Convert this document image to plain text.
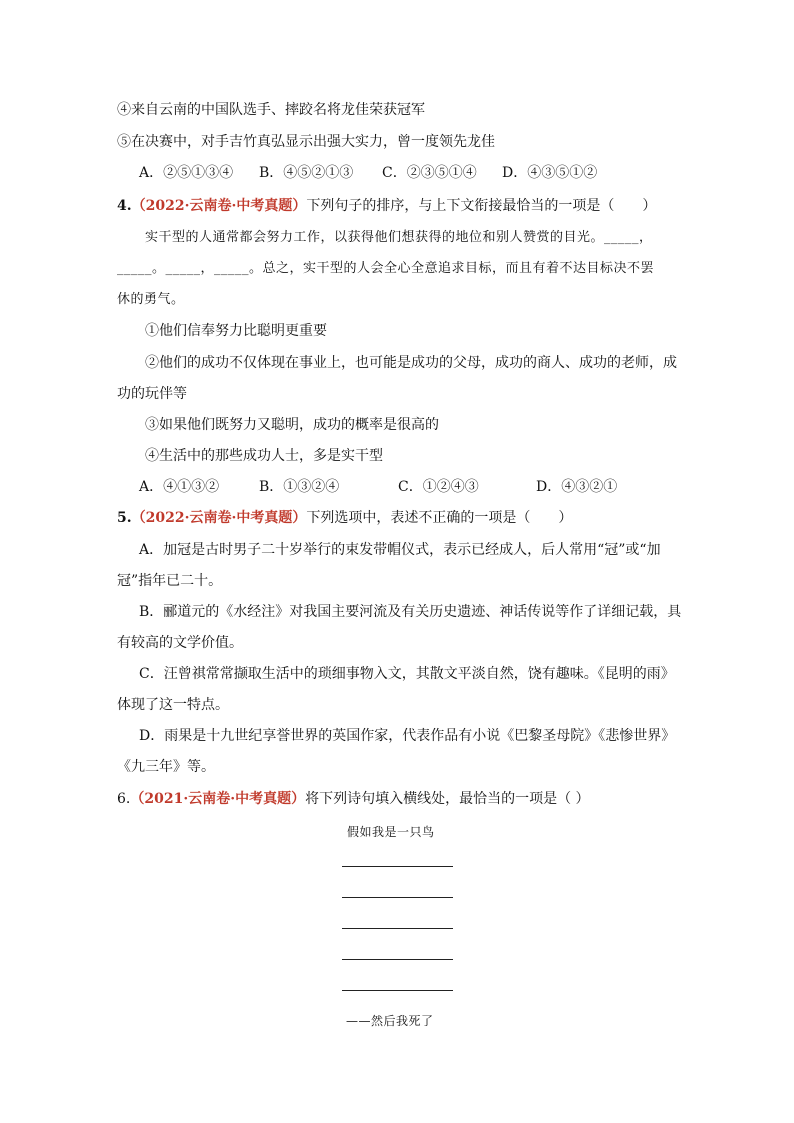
④来自云南的中国队选手、摔跤名将龙佳荣获冠军
⑤在决赛中，对手吉竹真弘显示出强大实力，曾一度领先龙佳
A．②⑤①③④ B．④⑤②①③ C．②③⑤①④ D．④③⑤①②
4.（2022·云南卷·中考真题）下列句子的排序，与上下文衔接最恰当的一项是（　　）
实干型的人通常都会努力工作，以获得他们想获得的地位和别人赞赏的目光。_____，
_____。_____，_____。总之，实干型的人会全心全意追求目标，而且有着不达目标决不罢
休的勇气。
①他们信奉努力比聪明更重要
②他们的成功不仅体现在事业上，也可能是成功的父母，成功的商人、成功的老师，成
功的玩伴等
③如果他们既努力又聪明，成功的概率是很高的
④生活中的那些成功人士，多是实干型
A．④①③②	B．①③②④	C．①②④③	D．④③②①
5.（2022·云南卷·中考真题）下列选项中，表述不正确的一项是（　　）
A．加冠是古时男子二十岁举行的束发带帽仪式，表示已经成人，后人常用“冠”或“加
冠”指年已二十。
B．郦道元的《水经注》对我国主要河流及有关历史遗迹、神话传说等作了详细记载，具
有较高的文学价值。
C．汪曾祺常常撷取生活中的琐细事物入文，其散文平淡自然，饶有趣味。《昆明的雨》
体现了这一特点。
D．雨果是十九世纪享誉世界的英国作家，代表作品有小说《巴黎圣母院》《悲惨世界》
《九三年》等。
6.（2021·云南卷·中考真题）将下列诗句填入横线处，最恰当的一项是（ ）
假如我是一只鸟
——然后我死了
